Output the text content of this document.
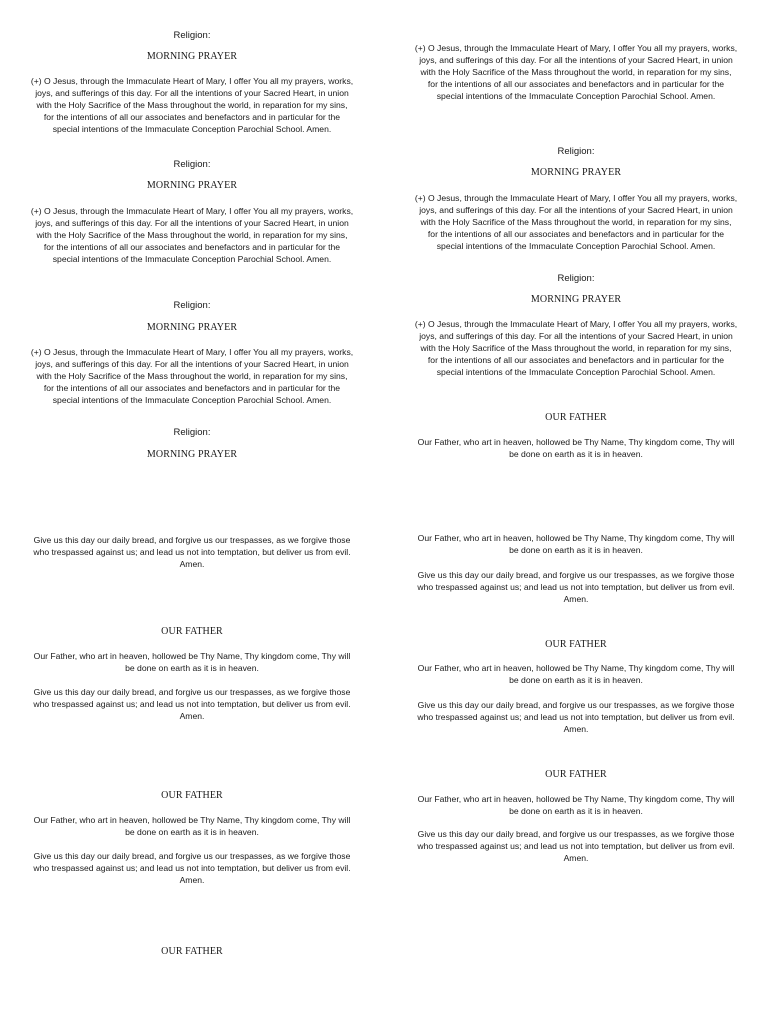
Religion:
MORNING PRAYER
(+) O Jesus, through the Immaculate Heart of Mary, I offer You all my prayers, works,
joys, and sufferings of this day. For all the intentions of your Sacred Heart, in union
with the Holy Sacrifice of the Mass throughout the world, in reparation for my sins,
for the intentions of all our associates and benefactors and in particular for the
special intentions of the Immaculate Conception Parochial School. Amen.
Religion:
MORNING PRAYER
(+) O Jesus, through the Immaculate Heart of Mary, I offer You all my prayers, works,
joys, and sufferings of this day. For all the intentions of your Sacred Heart, in union
with the Holy Sacrifice of the Mass throughout the world, in reparation for my sins,
for the intentions of all our associates and benefactors and in particular for the
special intentions of the Immaculate Conception Parochial School. Amen.
Religion:
MORNING PRAYER
(+) O Jesus, through the Immaculate Heart of Mary, I offer You all my prayers, works,
joys, and sufferings of this day. For all the intentions of your Sacred Heart, in union
with the Holy Sacrifice of the Mass throughout the world, in reparation for my sins,
for the intentions of all our associates and benefactors and in particular for the
special intentions of the Immaculate Conception Parochial School. Amen.
Religion:
MORNING PRAYER
Give us this day our daily bread, and forgive us our trespasses, as we forgive those
who trespassed against us; and lead us not into temptation, but deliver us from evil.
Amen.
OUR FATHER
Our Father, who art in heaven, hollowed be Thy Name, Thy kingdom come, Thy will
be done on earth as it is in heaven.
Give us this day our daily bread, and forgive us our trespasses, as we forgive those
who trespassed against us; and lead us not into temptation, but deliver us from evil.
Amen.
OUR FATHER
Our Father, who art in heaven, hollowed be Thy Name, Thy kingdom come, Thy will
be done on earth as it is in heaven.
Give us this day our daily bread, and forgive us our trespasses, as we forgive those
who trespassed against us; and lead us not into temptation, but deliver us from evil.
Amen.
OUR FATHER
(+) O Jesus, through the Immaculate Heart of Mary, I offer You all my prayers, works,
joys, and sufferings of this day. For all the intentions of your Sacred Heart, in union
with the Holy Sacrifice of the Mass throughout the world, in reparation for my sins,
for the intentions of all our associates and benefactors and in particular for the
special intentions of the Immaculate Conception Parochial School. Amen.
Religion:
MORNING PRAYER
(+) O Jesus, through the Immaculate Heart of Mary, I offer You all my prayers, works,
joys, and sufferings of this day. For all the intentions of your Sacred Heart, in union
with the Holy Sacrifice of the Mass throughout the world, in reparation for my sins,
for the intentions of all our associates and benefactors and in particular for the
special intentions of the Immaculate Conception Parochial School. Amen.
Religion:
MORNING PRAYER
(+) O Jesus, through the Immaculate Heart of Mary, I offer You all my prayers, works,
joys, and sufferings of this day. For all the intentions of your Sacred Heart, in union
with the Holy Sacrifice of the Mass throughout the world, in reparation for my sins,
for the intentions of all our associates and benefactors and in particular for the
special intentions of the Immaculate Conception Parochial School. Amen.
OUR FATHER
Our Father, who art in heaven, hollowed be Thy Name, Thy kingdom come, Thy will
be done on earth as it is in heaven.
Our Father, who art in heaven, hollowed be Thy Name, Thy kingdom come, Thy will
be done on earth as it is in heaven.
Give us this day our daily bread, and forgive us our trespasses, as we forgive those
who trespassed against us; and lead us not into temptation, but deliver us from evil.
Amen.
OUR FATHER
Our Father, who art in heaven, hollowed be Thy Name, Thy kingdom come, Thy will
be done on earth as it is in heaven.
Give us this day our daily bread, and forgive us our trespasses, as we forgive those
who trespassed against us; and lead us not into temptation, but deliver us from evil.
Amen.
OUR FATHER
Our Father, who art in heaven, hollowed be Thy Name, Thy kingdom come, Thy will
be done on earth as it is in heaven.
Give us this day our daily bread, and forgive us our trespasses, as we forgive those
who trespassed against us; and lead us not into temptation, but deliver us from evil.
Amen.
